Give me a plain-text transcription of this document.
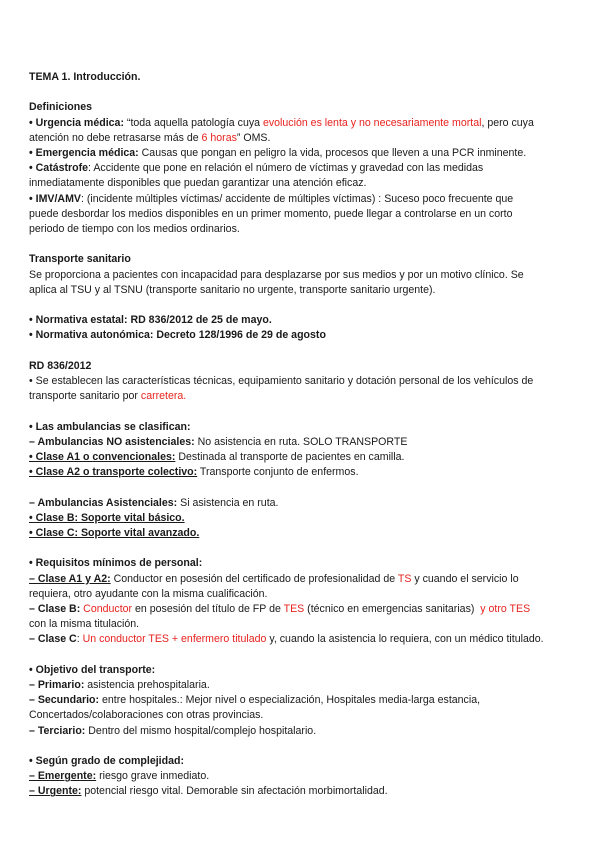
TEMA 1. Introducción.

Definiciones

• Urgencia médica: “toda aquella patología cuya evolución es lenta y no necesariamente mortal, pero cuya

atención no debe retrasarse más de 6 horas” OMS.

• Emergencia médica: Causas que pongan en peligro la vida, procesos que lleven a una PCR inminente.

• Catástrofe: Accidente que pone en relación el número de víctimas y gravedad con las medidas

inmediatamente disponibles que puedan garantizar una atención eficaz.

• IMV/AMV: (incidente múltiples víctimas/ accidente de múltiples víctimas) : Suceso poco frecuente que

puede desbordar los medios disponibles en un primer momento, puede llegar a controlarse en un corto

periodo de tiempo con los medios ordinarios.

Transporte sanitario

Se proporciona a pacientes con incapacidad para desplazarse por sus medios y por un motivo clínico. Se

aplica al TSU y al TSNU (transporte sanitario no urgente, transporte sanitario urgente).

• Normativa estatal: RD 836/2012 de 25 de mayo.

• Normativa autonómica: Decreto 128/1996 de 29 de agosto

RD 836/2012

• Se establecen las características técnicas, equipamiento sanitario y dotación personal de los vehículos de

transporte sanitario por carretera.

• Las ambulancias se clasifican:

– Ambulancias NO asistenciales: No asistencia en ruta. SOLO TRANSPORTE

• Clase A1 o convencionales: Destinada al transporte de pacientes en camilla.

• Clase A2 o transporte colectivo: Transporte conjunto de enfermos.

– Ambulancias Asistenciales: Si asistencia en ruta.

• Clase B: Soporte vital básico.

• Clase C: Soporte vital avanzado.

• Requisitos mínimos de personal:

– Clase A1 y A2: Conductor en posesión del certificado de profesionalidad de TS y cuando el servicio lo

requiera, otro ayudante con la misma cualificación.

– Clase B: Conductor en posesión del título de FP de TES (técnico en emergencias sanitarias)  y otro TES

con la misma titulación.

– Clase C: Un conductor TES + enfermero titulado y, cuando la asistencia lo requiera, con un médico titulado.

• Objetivo del transporte:

– Primario: asistencia prehospitalaria.

– Secundario: entre hospitales.: Mejor nivel o especialización, Hospitales media-larga estancia,

Concertados/colaboraciones con otras provincias.

– Terciario: Dentro del mismo hospital/complejo hospitalario.

• Según grado de complejidad:

– Emergente: riesgo grave inmediato.

– Urgente: potencial riesgo vital. Demorable sin afectación morbimortalidad.
